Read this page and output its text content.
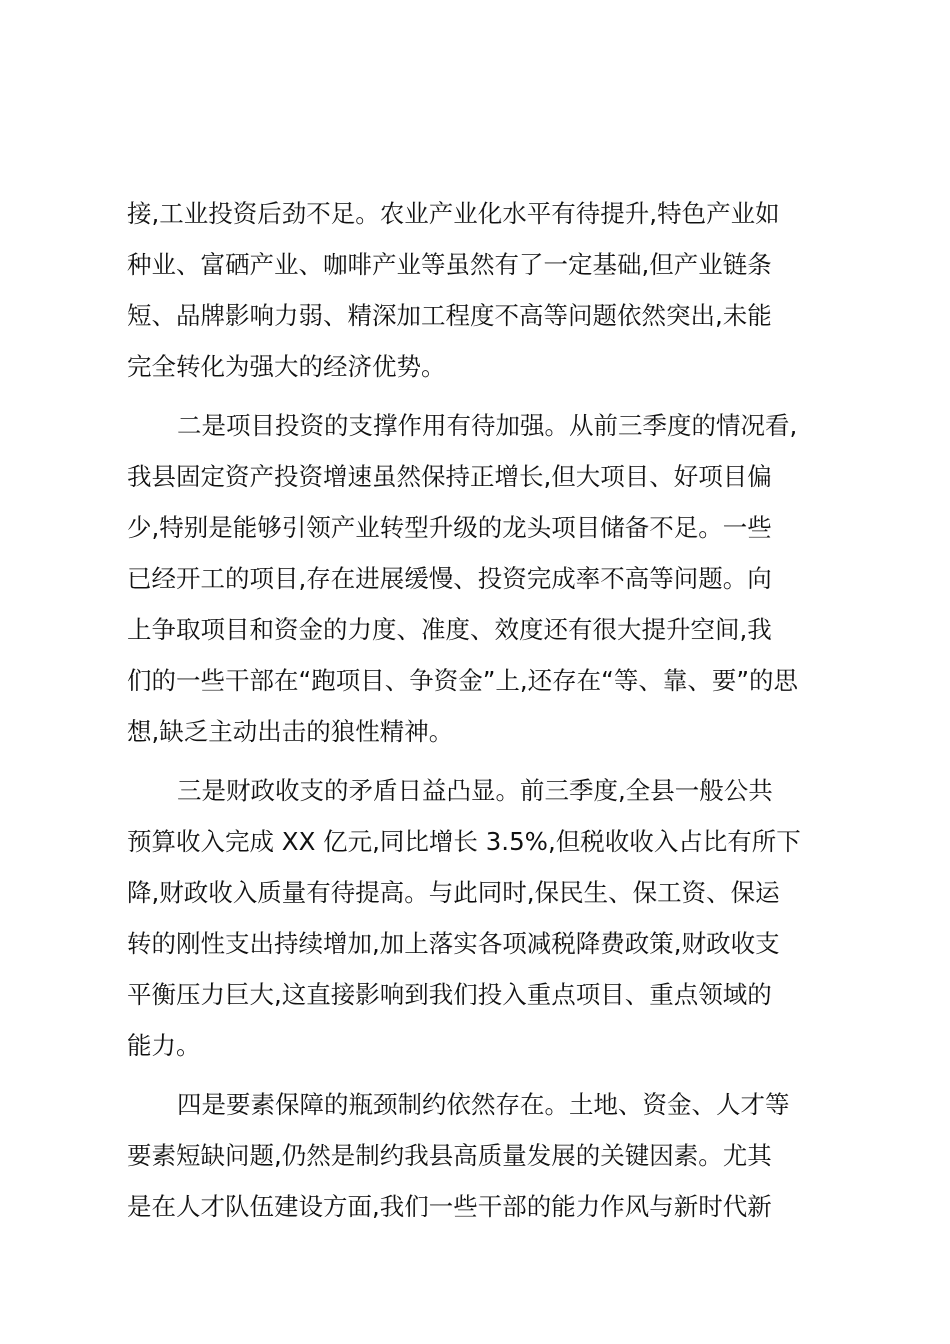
接,工业投资后劲不足。农业产业化水平有待提升,特色产业如
种业、富硒产业、咖啡产业等虽然有了一定基础,但产业链条
短、品牌影响力弱、精深加工程度不高等问题依然突出,未能
完全转化为强大的经济优势。
二是项目投资的支撑作用有待加强。从前三季度的情况看,
我县固定资产投资增速虽然保持正增长,但大项目、好项目偏
少,特别是能够引领产业转型升级的龙头项目储备不足。一些
已经开工的项目,存在进展缓慢、投资完成率不高等问题。向
上争取项目和资金的力度、准度、效度还有很大提升空间,我
们的一些干部在“跑项目、争资金”上,还存在“等、靠、要”的思
想,缺乏主动出击的狼性精神。
三是财政收支的矛盾日益凸显。前三季度,全县一般公共
预算收入完成 XX 亿元,同比增长 3.5%,但税收收入占比有所下
降,财政收入质量有待提高。与此同时,保民生、保工资、保运
转的刚性支出持续增加,加上落实各项减税降费政策,财政收支
平衡压力巨大,这直接影响到我们投入重点项目、重点领域的
能力。
四是要素保障的瓶颈制约依然存在。土地、资金、人才等
要素短缺问题,仍然是制约我县高质量发展的关键因素。尤其
是在人才队伍建设方面,我们一些干部的能力作风与新时代新
